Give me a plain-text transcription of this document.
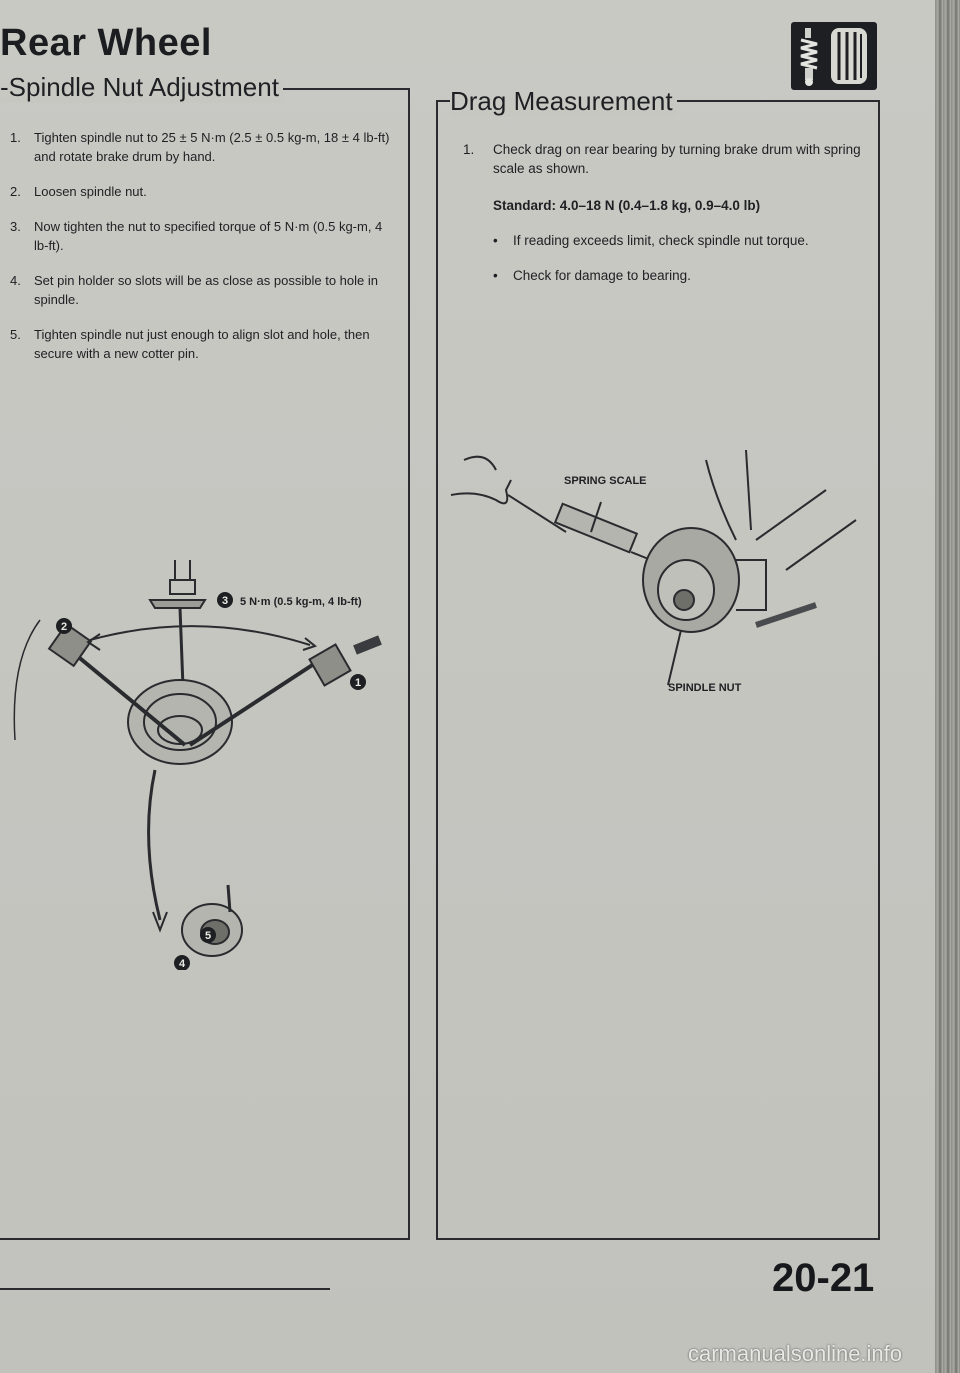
Rear Wheel
-Spindle Nut Adjustment	Drag Measurement
1. Tighten spindle nut to 25 ± 5 N·m (2.5 ± 0.5 kg-m, 18 ± 4 lb-ft) and rotate brake drum by hand.
2. Loosen spindle nut.
3. Now tighten the nut to specified torque of 5 N·m (0.5 kg-m, 4 lb-ft).
4. Set pin holder so slots will be as close as possible to hole in spindle.
5. Tighten spindle nut just enough to align slot and hole, then secure with a new cotter pin.
1. Check drag on rear bearing by turning brake drum with spring scale as shown.
Standard: 4.0–18 N (0.4–1.8 kg, 0.9–4.0 lb)
• If reading exceeds limit, check spindle nut torque.
• Check for damage to bearing.
3 5 N·m (0.5 kg-m, 4 lb-ft)
2
1
5
4
SPRING SCALE
SPINDLE NUT
20-21
carmanualsonline.info
